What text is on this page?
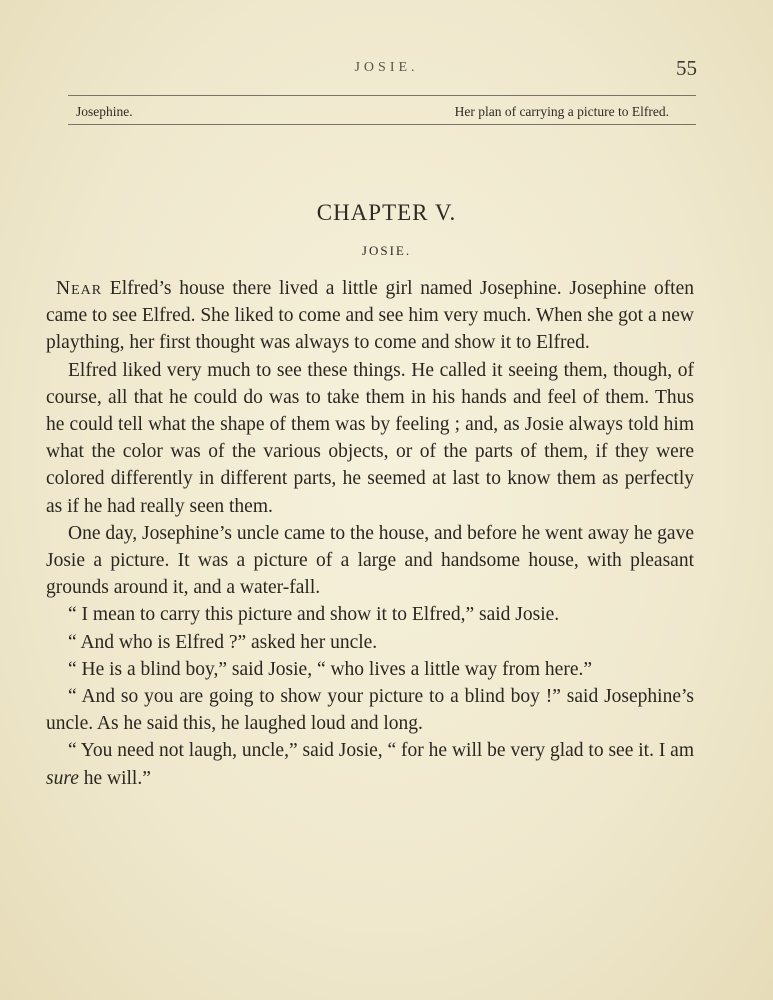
JOSIE.	55
Josephine.	Her plan of carrying a picture to Elfred.
CHAPTER V.
JOSIE.

Near Elfred’s house there lived a little girl named Josephine. Josephine often came to see Elfred. She liked to come and see him very much. When she got a new plaything, her first thought was always to come and show it to Elfred.

Elfred liked very much to see these things. He called it seeing them, though, of course, all that he could do was to take them in his hands and feel of them. Thus he could tell what the shape of them was by feeling ; and, as Josie always told him what the color was of the various objects, or of the parts of them, if they were colored differently in different parts, he seemed at last to know them as perfectly as if he had really seen them.

One day, Josephine’s uncle came to the house, and before he went away he gave Josie a picture. It was a picture of a large and handsome house, with pleasant grounds around it, and a water-fall.

“ I mean to carry this picture and show it to Elfred,” said Josie.

“ And who is Elfred ?” asked her uncle.

“ He is a blind boy,” said Josie, “ who lives a little way from here.”

“ And so you are going to show your picture to a blind boy !” said Josephine’s uncle. As he said this, he laughed loud and long.

“ You need not laugh, uncle,” said Josie, “ for he will be very glad to see it. I am sure he will.”
